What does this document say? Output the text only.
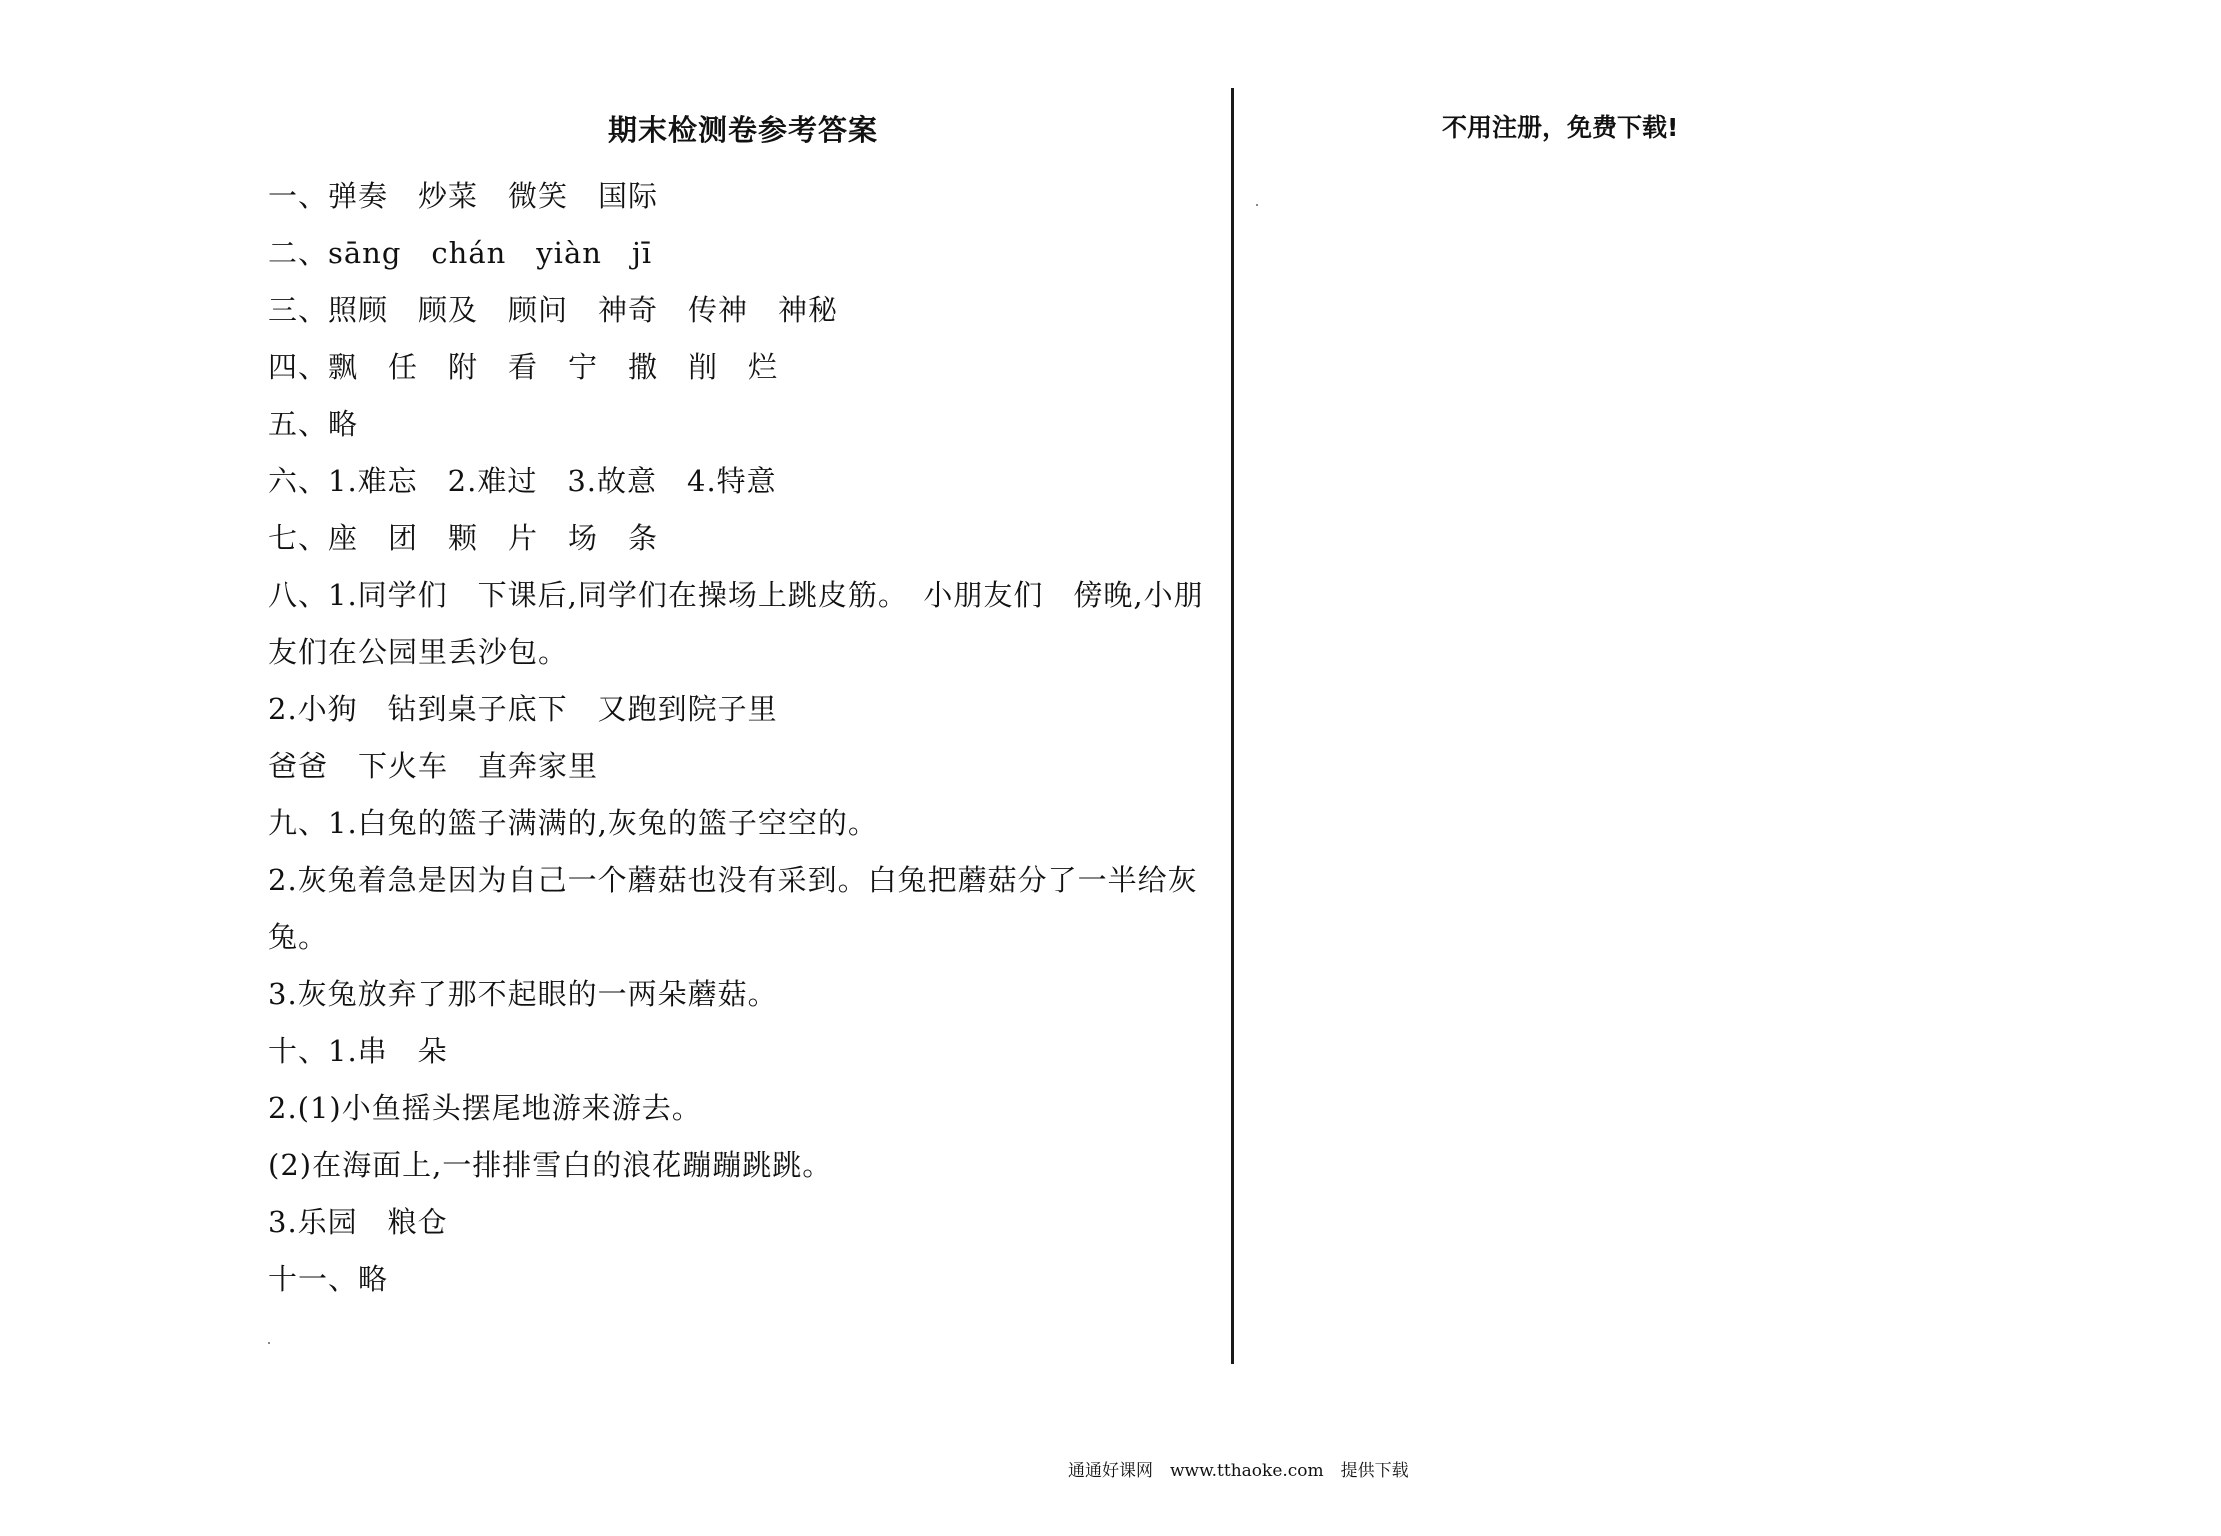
期末检测卷参考答案
一、弹奏　炒菜　微笑　国际
二、sāng　chán　yiàn　jī
三、照顾　顾及　顾问　神奇　传神　神秘
四、飘　任　附　看　宁　撒　削　烂
五、略
六、1.难忘　2.难过　3.故意　4.特意
七、座　团　颗　片　场　条
八、1.同学们　下课后,同学们在操场上跳皮筋。　小朋友们　傍晚,小朋
友们在公园里丢沙包。
2.小狗　钻到桌子底下　又跑到院子里
爸爸　下火车　直奔家里
九、1.白兔的篮子满满的,灰兔的篮子空空的。
2.灰兔着急是因为自己一个蘑菇也没有采到。白兔把蘑菇分了一半给灰
兔。
3.灰兔放弃了那不起眼的一两朵蘑菇。
十、1.串　朵
2.(1)小鱼摇头摆尾地游来游去。
(2)在海面上,一排排雪白的浪花蹦蹦跳跳。
3.乐园　粮仓
十一、略
不用注册，免费下载!
通通好课网　www.tthaoke.com　提供下载
